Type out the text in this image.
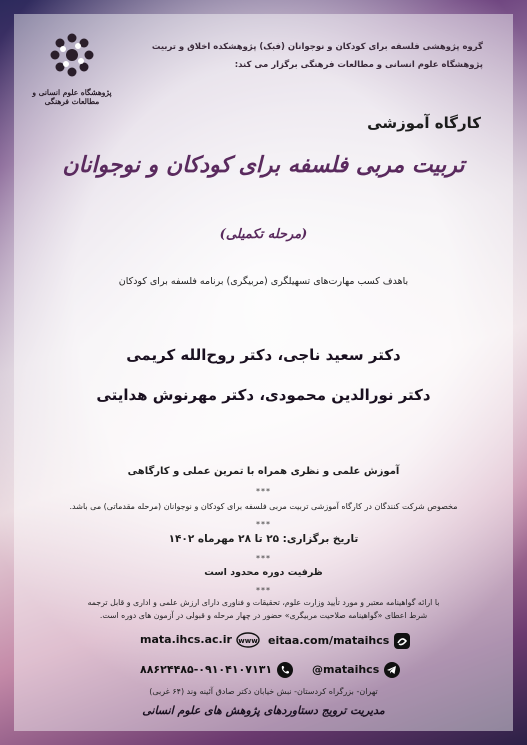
گروه پژوهشی فلسفه برای کودکان و نوجوانان (فبک) پژوهشکده اخلاق و تربیت
پژوهشگاه علوم انسانی و مطالعات فرهنگی برگزار می کند:
پژوهشگاه علوم انسانی و مطالعات فرهنگی
کارگاه آموزشی
تربیت مربی فلسفه برای کودکان و نوجوانان
(مرحله تکمیلی)
باهدف کسب مهارت‌های تسهیلگری (مربیگری) برنامه فلسفه برای کودکان
دکتر سعید ناجی، دکتر روح‌الله کریمی
دکتر نورالدین محمودی، دکتر مهرنوش هدایتی
آموزش علمی و نظری همراه با تمرین عملی و کارگاهی
***
مخصوص شرکت کنندگان در کارگاه آموزشی تربیت مربی فلسفه برای کودکان و نوجوانان (مرحله مقدماتی) می باشد.
***
تاریخ برگزاری: ۲۵ تا ۲۸ مهرماه ۱۴۰۲
***
ظرفیت دوره محدود است
***
با ارائه گواهینامه معتبر و مورد تأیید وزارت علوم، تحقیقات و فناوری دارای ارزش علمی و اداری و قابل ترجمه
شرط اعطای «گواهینامه صلاحیت مربیگری» حضور در چهار مرحله و قبولی در آزمون های دوره است.
mata.ihcs.ac.ir www eitaa.com/mataihcs
۸۸۶۲۴۴۸۵-۰۹۱۰۴۱۰۷۱۳۱	@mataihcs
تهران- بزرگراه کردستان- نبش خیابان دکتر صادق آئینه وند (۶۴ غربی)
مدیریت ترویج دستاوردهای پژوهش های علوم انسانی
